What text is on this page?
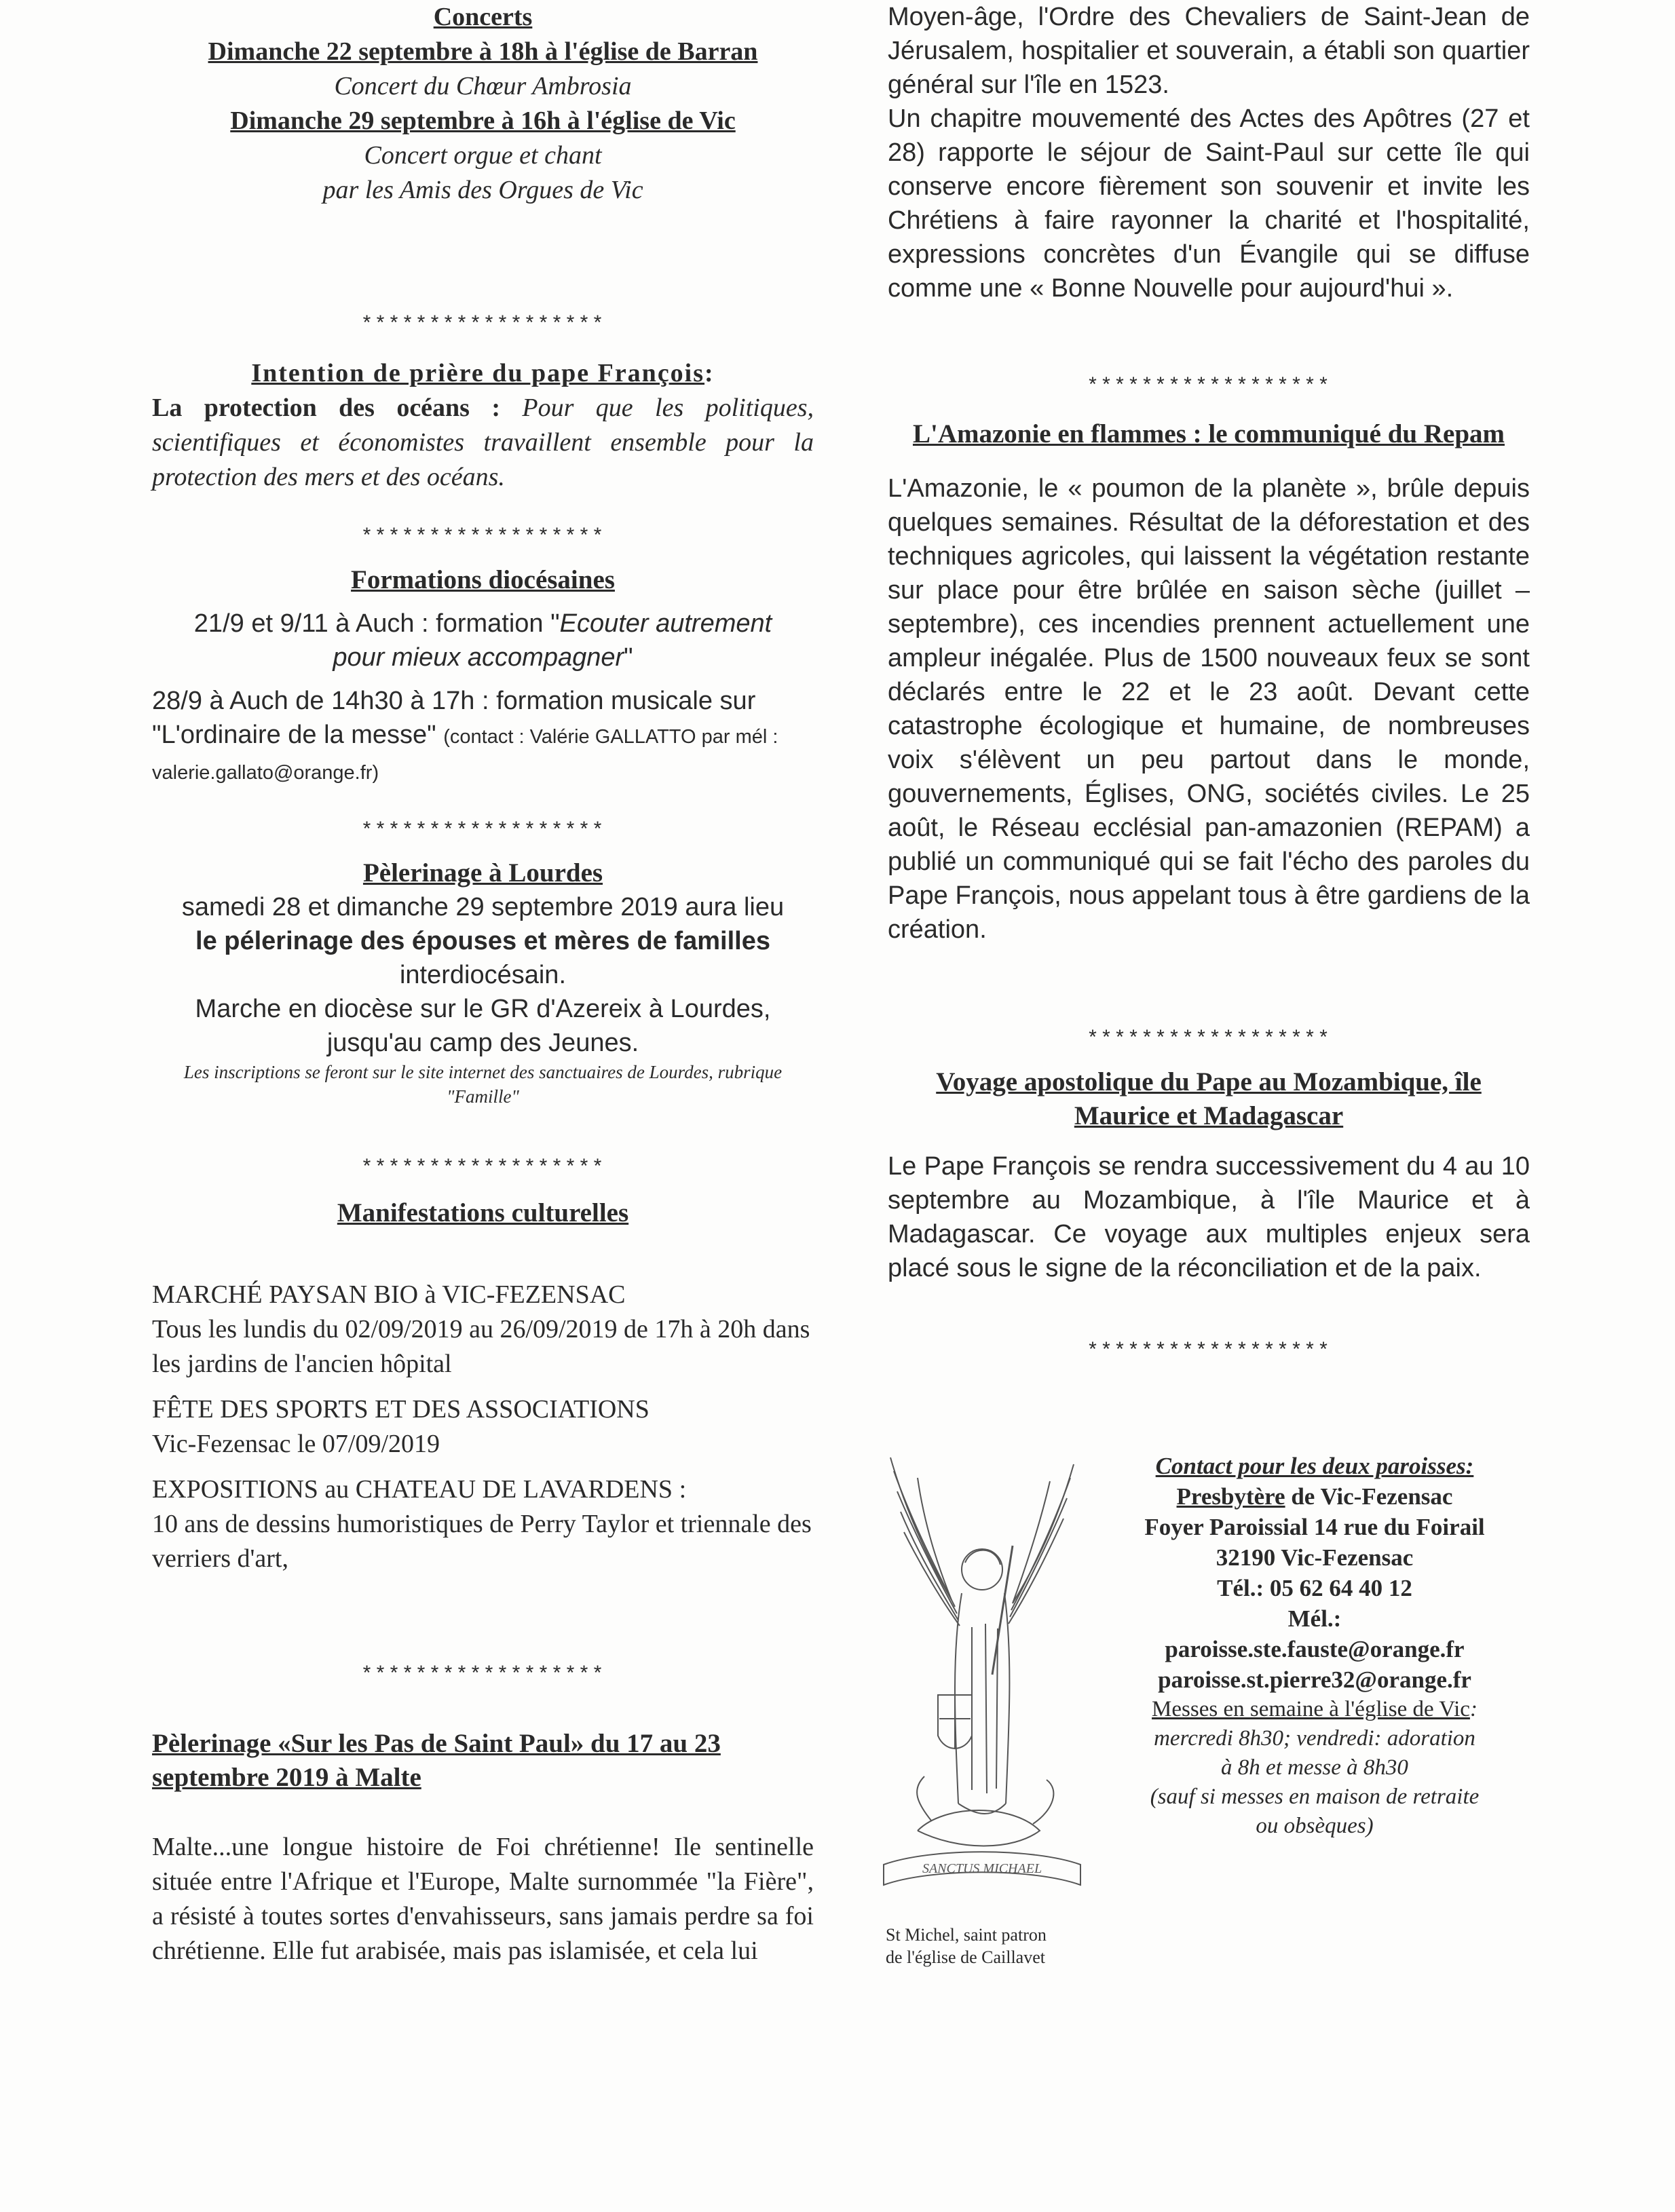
Concerts
Dimanche 22 septembre à 18h à l'église de Barran
Concert du Chœur Ambrosia
Dimanche 29 septembre à 16h à l'église de Vic
Concert orgue et chant
par les Amis des Orgues de Vic
******************
Intention de prière du pape François:
La protection des océans : Pour que les politiques, scientifiques et économistes travaillent ensemble pour la protection des mers et des océans.
******************
Formations diocésaines
21/9 et 9/11 à Auch : formation "Ecouter autrement pour mieux accompagner"
28/9 à Auch de 14h30 à 17h : formation musicale sur "L'ordinaire de la messe" (contact : Valérie GALLATTO par mél : valerie.gallato@orange.fr)
******************
Pèlerinage à Lourdes
samedi 28 et dimanche 29 septembre 2019 aura lieu
le pélerinage des épouses et mères de familles
interdiocésain.
Marche en diocèse sur le GR d'Azereix à Lourdes,
jusqu'au camp des Jeunes.
Les inscriptions se feront sur le site internet des sanctuaires de Lourdes, rubrique "Famille"
******************
Manifestations culturelles
MARCHÉ PAYSAN BIO à VIC-FEZENSAC
Tous les lundis du 02/09/2019 au 26/09/2019 de 17h à 20h dans les jardins de l'ancien hôpital
FÊTE DES SPORTS ET DES ASSOCIATIONS
Vic-Fezensac le 07/09/2019
EXPOSITIONS au CHATEAU DE LAVARDENS :
10 ans de dessins humoristiques de Perry Taylor et triennale des verriers d'art,
******************
Pèlerinage «Sur les Pas de Saint Paul» du 17 au 23 septembre 2019 à Malte
Malte...une longue histoire de Foi chrétienne! Ile sentinelle située entre l'Afrique et l'Europe, Malte surnommée "la Fière", a résisté à toutes sortes d'envahisseurs, sans jamais perdre sa foi chrétienne. Elle fut arabisée, mais pas islamisée, et cela lui
Moyen-âge, l'Ordre des Chevaliers de Saint-Jean de Jérusalem, hospitalier et souverain, a établi son quartier général sur l'île en 1523.
Un chapitre mouvementé des Actes des Apôtres (27 et 28) rapporte le séjour de Saint-Paul sur cette île qui conserve encore fièrement son souvenir et invite les Chrétiens à faire rayonner la charité et l'hospitalité, expressions concrètes d'un Évangile qui se diffuse comme une « Bonne Nouvelle pour aujourd'hui ».
******************
L'Amazonie en flammes : le communiqué du Repam
L'Amazonie, le « poumon de la planète », brûle depuis quelques semaines. Résultat de la déforestation et des techniques agricoles, qui laissent la végétation restante sur place pour être brûlée en saison sèche (juillet – septembre), ces incendies prennent actuellement une ampleur inégalée. Plus de 1500 nouveaux feux se sont déclarés entre le 22 et le 23 août. Devant cette catastrophe écologique et humaine, de nombreuses voix s'élèvent un peu partout dans le monde, gouvernements, Églises, ONG, sociétés civiles. Le 25 août, le Réseau ecclésial pan-amazonien (REPAM) a publié un communiqué qui se fait l'écho des paroles du Pape François, nous appelant tous à être gardiens de la création.
******************
Voyage apostolique du Pape au Mozambique, île Maurice et Madagascar
Le Pape François se rendra successivement du 4 au 10 septembre au Mozambique, à l'île Maurice et à Madagascar. Ce voyage aux multiples enjeux sera placé sous le signe de la réconciliation et de la paix.
******************
SANCTUS MICHAEL
St Michel, saint patron
de l'église de Caillavet
Contact pour les deux paroisses:
Presbytère de Vic-Fezensac
Foyer Paroissial 14 rue du Foirail
32190 Vic-Fezensac
Tél.: 05 62 64 40 12
Mél.:
paroisse.ste.fauste@orange.fr
paroisse.st.pierre32@orange.fr
Messes en semaine à l'église de Vic:
mercredi 8h30; vendredi: adoration
à 8h et messe à 8h30
(sauf si messes en maison de retraite
ou obsèques)
